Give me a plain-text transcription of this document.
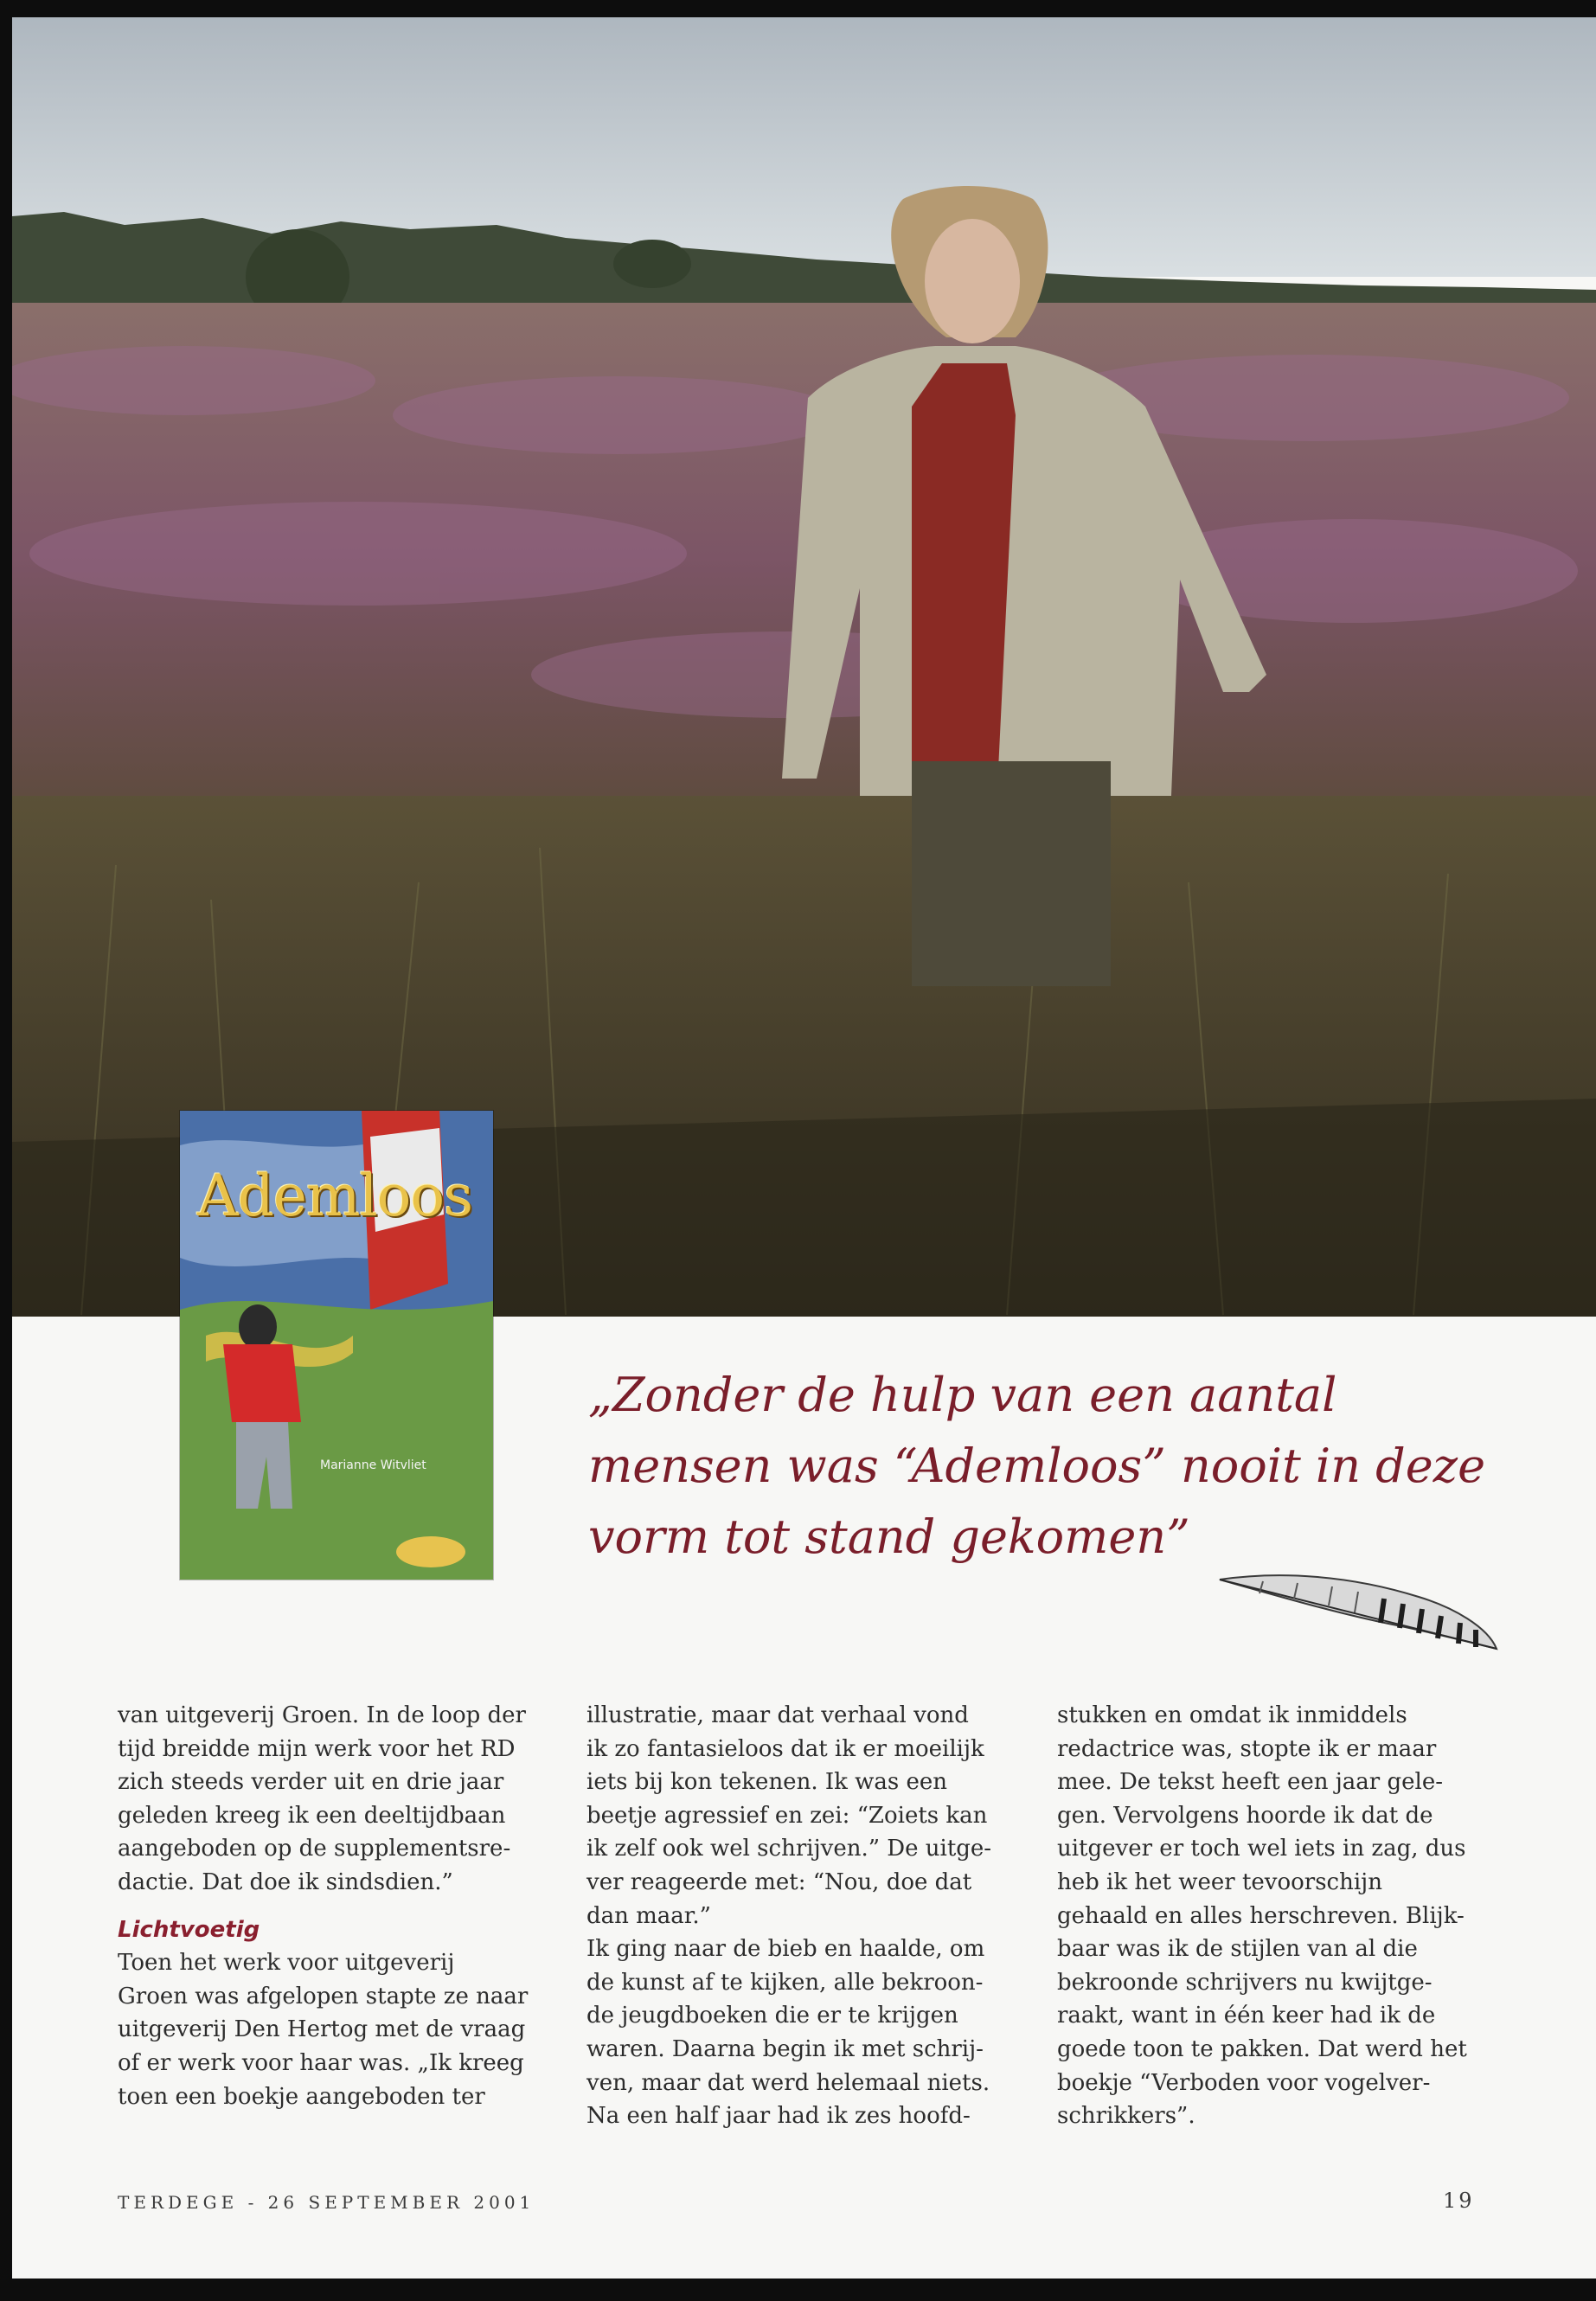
Ademloos
Marianne Witvliet
„Zonder de hulp van een aantal
mensen was “Ademloos” nooit in deze
vorm tot stand gekomen”
van uitgeverij Groen. In de loop der
tijd breidde mijn werk voor het RD
zich steeds verder uit en drie jaar
geleden kreeg ik een deeltijdbaan
aangeboden op de supplementsre-
dactie. Dat doe ik sindsdien.”
Lichtvoetig
Toen het werk voor uitgeverij
Groen was afgelopen stapte ze naar
uitgeverij Den Hertog met de vraag
of er werk voor haar was. „Ik kreeg
toen een boekje aangeboden ter
illustratie, maar dat verhaal vond
ik zo fantasieloos dat ik er moeilijk
iets bij kon tekenen. Ik was een
beetje agressief en zei: “Zoiets kan
ik zelf ook wel schrijven.” De uitge-
ver reageerde met: “Nou, doe dat
dan maar.”
Ik ging naar de bieb en haalde, om
de kunst af te kijken, alle bekroon-
de jeugdboeken die er te krijgen
waren. Daarna begin ik met schrij-
ven, maar dat werd helemaal niets.
Na een half jaar had ik zes hoofd-
stukken en omdat ik inmiddels
redactrice was, stopte ik er maar
mee. De tekst heeft een jaar gele-
gen. Vervolgens hoorde ik dat de
uitgever er toch wel iets in zag, dus
heb ik het weer tevoorschijn
gehaald en alles herschreven. Blijk-
baar was ik de stijlen van al die
bekroonde schrijvers nu kwijtge-
raakt, want in één keer had ik de
goede toon te pakken. Dat werd het
boekje “Verboden voor vogelver-
schrikkers”.
TERDEGE - 26 SEPTEMBER 2001	19
